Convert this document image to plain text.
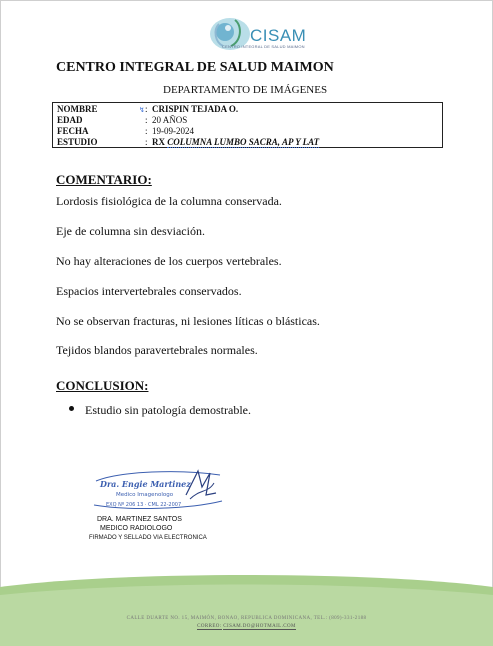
CISAM
CENTRO INTEGRAL DE SALUD MAIMON
CENTRO INTEGRAL DE SALUD MAIMON
DEPARTAMENTO DE IMÁGENES
NOMBRE	↯ : CRISPIN TEJADA O.
EDAD	: 20 AÑOS
FECHA	: 19-09-2024
ESTUDIO	: RX COLUMNA LUMBO SACRA, AP Y LAT
COMENTARIO:
Lordosis fisiológica de la columna conservada.
Eje de columna sin desviación.
No hay alteraciones de los cuerpos vertebrales.
Espacios intervertebrales conservados.
No se observan fracturas, ni lesiones líticas o blásticas.
Tejidos blandos paravertebrales normales.
CONCLUSION:
Estudio sin patología demostrable.
Dra. Engie Martinez
Medico Imagenologo
EXQ Nº 206 13 · CML 22-2007
DRA. MARTINEZ SANTOS
MEDICO RADIOLOGO
FIRMADO Y SELLADO VIA ELECTRONICA
CALLE DUARTE NO. 15, MAIMÓN, BONAO, REPUBLICA DOMINICANA, TEL.: (809)-331-2188
CORREO: CISAM.DO@HOTMAIL.COM
